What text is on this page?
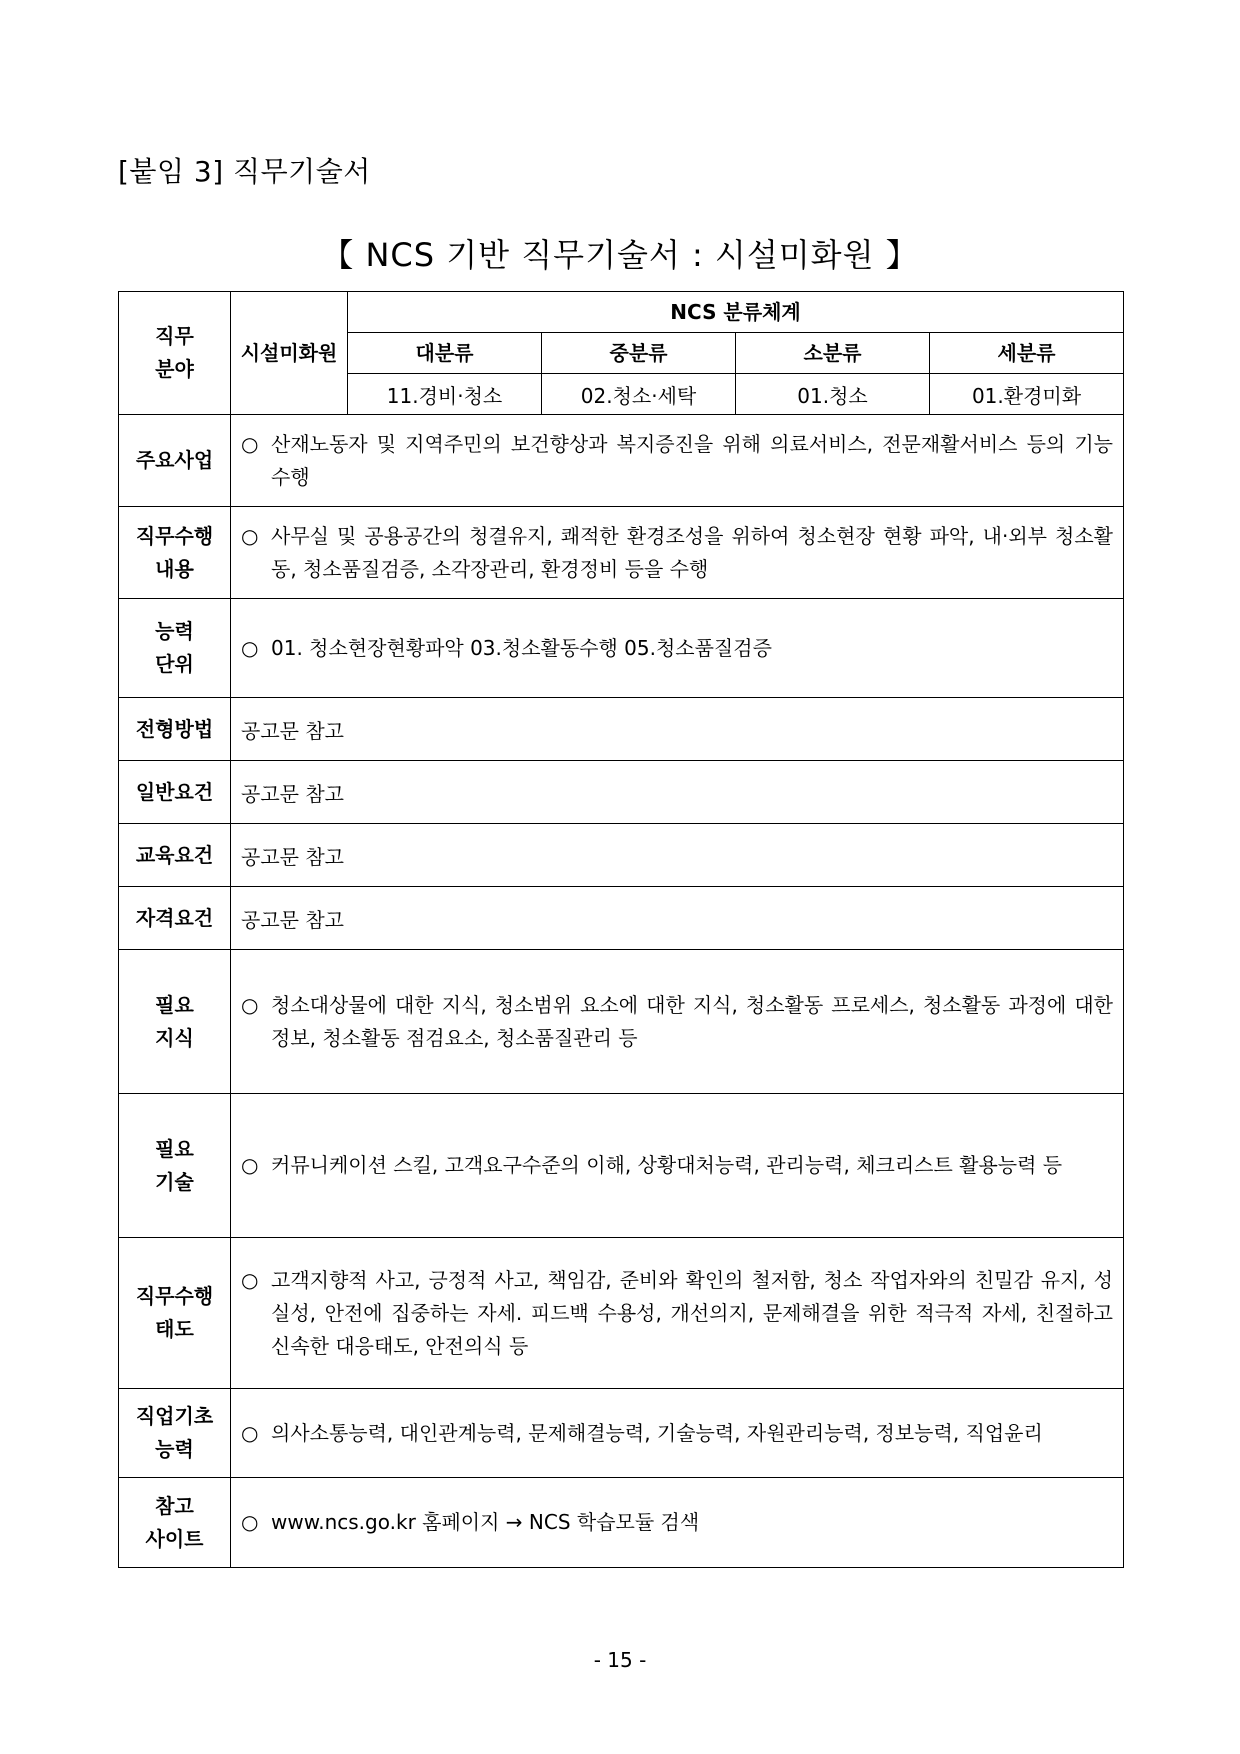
[붙임 3] 직무기술서
【 NCS 기반 직무기술서 : 시설미화원 】
직무
분야	시설미화원	NCS 분류체계			
		대분류	중분류	소분류	세분류
		11.경비·청소	02.청소·세탁	01.청소	01.환경미화
주요사업	○ 산재노동자 및 지역주민의 보건향상과 복지증진을 위해 의료서비스, 전문재활서비스 등의 기능 수행				

직무수행
내용	○ 사무실 및 공용공간의 청결유지, 쾌적한 환경조성을 위하여 청소현장 현황 파악, 내·외부 청소활동, 청소품질검증, 소각장관리, 환경정비 등을 수행				

능력
단위	○ 01. 청소현장현황파악 03.청소활동수행 05.청소품질검증				

전형방법	공고문 참고				
일반요건	공고문 참고				
교육요건	공고문 참고				
자격요건	공고문 참고				
필요
지식	○ 청소대상물에 대한 지식, 청소범위 요소에 대한 지식, 청소활동 프로세스, 청소활동 과정에 대한 정보, 청소활동 점검요소, 청소품질관리 등				

필요
기술	○ 커뮤니케이션 스킬, 고객요구수준의 이해, 상황대처능력, 관리능력, 체크리스트 활용능력 등				

직무수행
태도	○ 고객지향적 사고, 긍정적 사고, 책임감, 준비와 확인의 철저함, 청소 작업자와의 친밀감 유지, 성실성, 안전에 집중하는 자세. 피드백 수용성, 개선의지, 문제해결을 위한 적극적 자세, 친절하고 신속한 대응태도, 안전의식 등				

직업기초
능력	○ 의사소통능력, 대인관계능력, 문제해결능력, 기술능력, 자원관리능력, 정보능력, 직업윤리				

참고
사이트	○ www.ncs.go.kr 홈페이지 → NCS 학습모듈 검색				
- 15 -
